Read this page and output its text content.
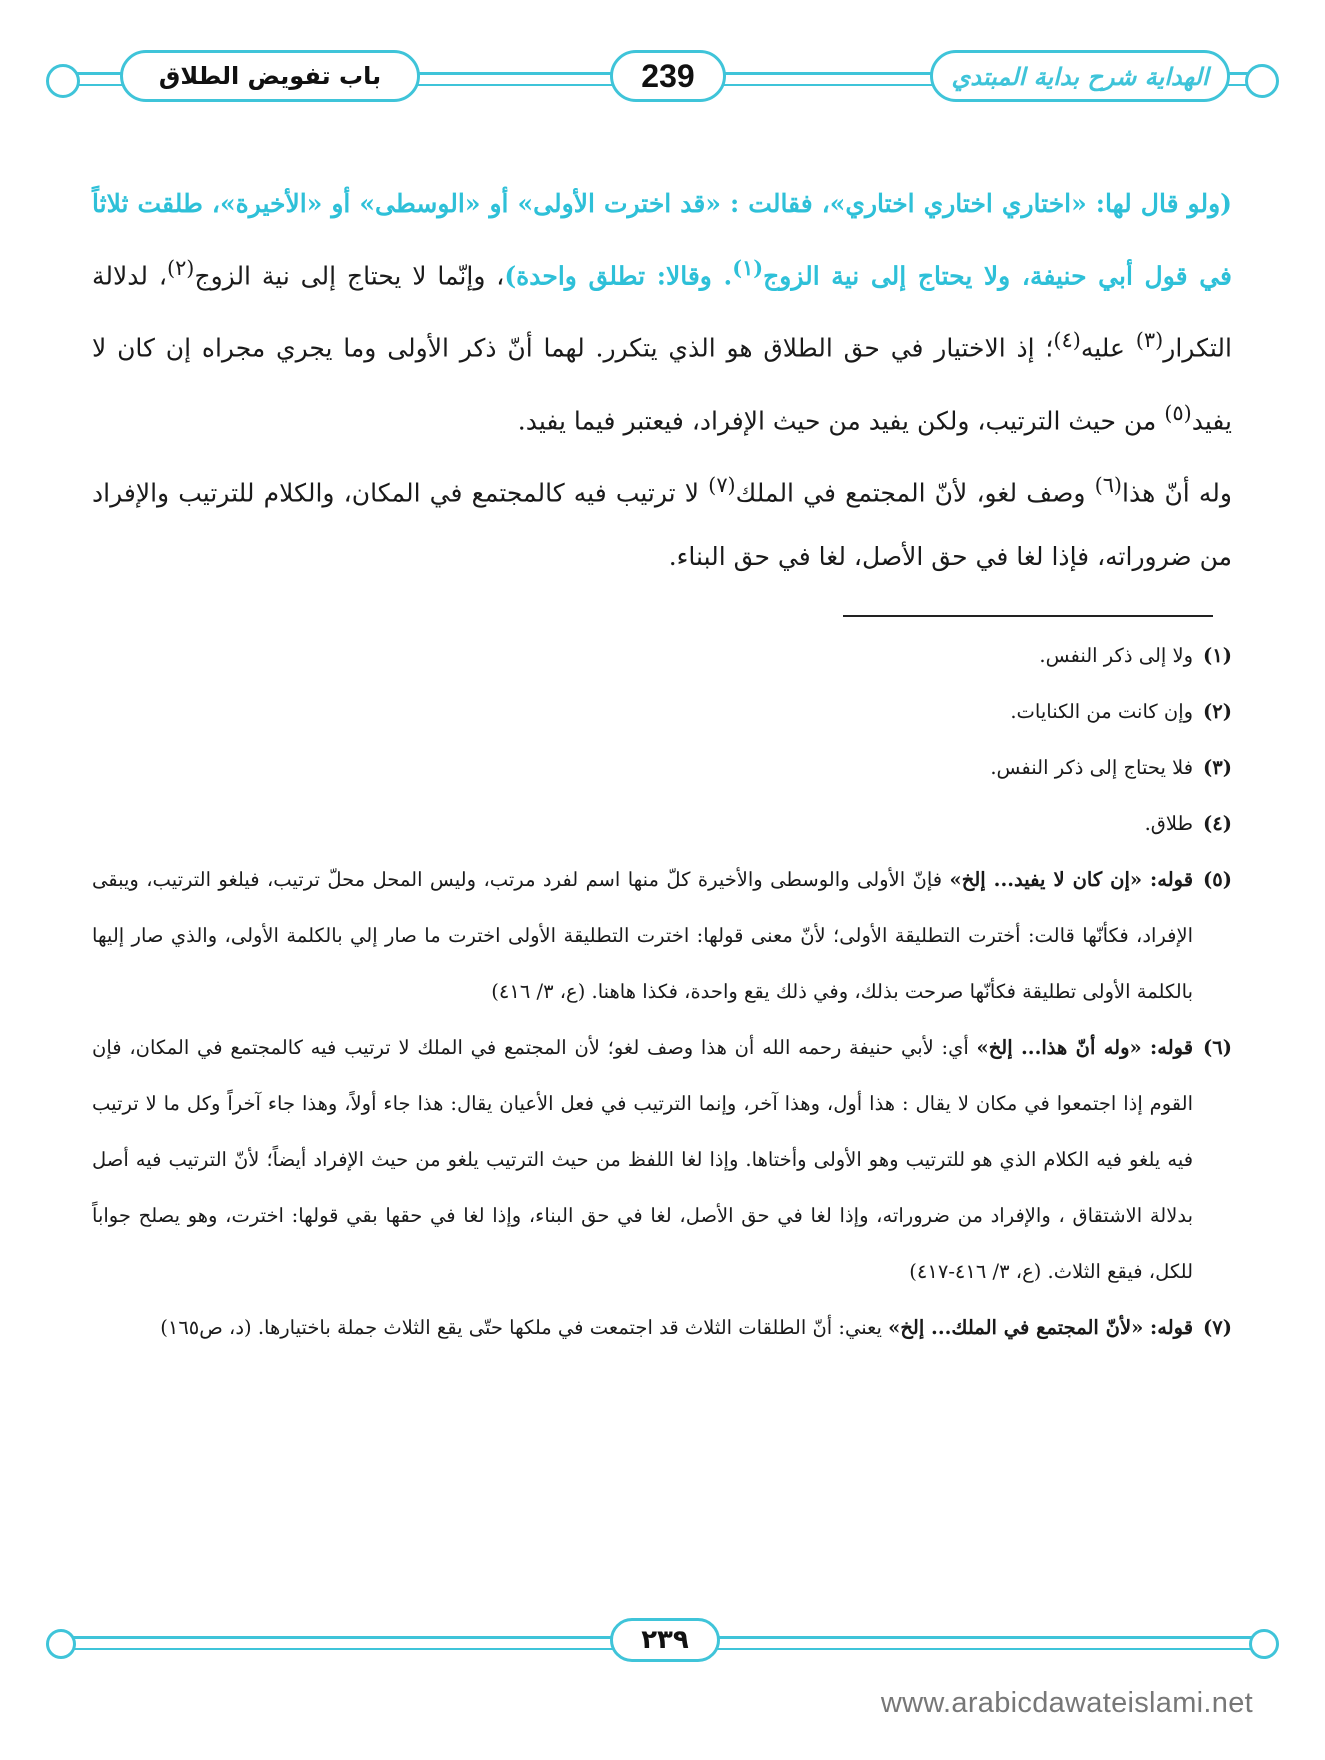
باب تفويض الطلاق	239	الهداية شرح بداية المبتدي

(ولو قال لها: «اختاري اختاري اختاري»، فقالت : «قد اخترت الأولى» أو «الوسطى» أو «الأخيرة»، طلقت ثلاثاً في قول أبي حنيفة، ولا يحتاج إلى نية الزوج$^{(١)}$. وقالا: تطلق واحدة)، وإنّما لا يحتاج إلى نية الزوج$^{(٢)}$، لدلالة التكرار$^{(٣)}$ عليه$^{(٤)}$؛ إذ الاختيار في حق الطلاق هو الذي يتكرر. لهما أنّ ذكر الأولى وما يجري مجراه إن كان لا يفيد$^{(٥)}$ من حيث الترتيب، ولكن يفيد من حيث الإفراد، فيعتبر فيما يفيد.

وله أنّ هذا$^{(٦)}$ وصف لغو، لأنّ المجتمع في الملك$^{(٧)}$ لا ترتيب فيه كالمجتمع في المكان، والكلام للترتيب والإفراد من ضروراته، فإذا لغا في حق الأصل، لغا في حق البناء.

(١)
ولا إلى ذكر النفس.
(٢)
وإن كانت من الكنايات.
(٣)
فلا يحتاج إلى ذكر النفس.
(٤)
طلاق.
(٥)
قوله: «إن كان لا يفيد... إلخ» فإنّ الأولى والوسطى والأخيرة كلّ منها اسم لفرد مرتب، وليس المحل محلّ ترتيب، فيلغو الترتيب، ويبقى الإفراد، فكأنّها قالت: أخترت التطليقة الأولى؛ لأنّ معنى قولها: اخترت التطليقة الأولى اخترت ما صار إلي بالكلمة الأولى، والذي صار إليها بالكلمة الأولى تطليقة فكأنّها صرحت بذلك، وفي ذلك يقع واحدة، فكذا هاهنا. (ع، ٣/ ٤١٦)
(٦)
قوله: «وله أنّ هذا... إلخ» أي: لأبي حنيفة رحمه الله أن هذا وصف لغو؛ لأن المجتمع في الملك لا ترتيب فيه كالمجتمع في المكان، فإن القوم إذا اجتمعوا في مكان لا يقال : هذا أول، وهذا آخر، وإنما الترتيب في فعل الأعيان يقال: هذا جاء أولاً، وهذا جاء آخراً وكل ما لا ترتيب فيه يلغو فيه الكلام الذي هو للترتيب وهو الأولى وأختاها. وإذا لغا اللفظ من حيث الترتيب يلغو من حيث الإفراد أيضاً؛ لأنّ الترتيب فيه أصل بدلالة الاشتقاق ، والإفراد من ضروراته، وإذا لغا في حق الأصل، لغا في حق البناء، وإذا لغا في حقها بقي قولها: اخترت، وهو يصلح جواباً للكل، فيقع الثلاث. (ع، ٣/ ٤١٦-٤١٧)
(٧)
قوله: «لأنّ المجتمع في الملك... إلخ» يعني: أنّ الطلقات الثلاث قد اجتمعت في ملكها حتّى يقع الثلاث جملة باختيارها. (د، ص١٦٥)
٢٣٩
www.arabicdawateislami.net
